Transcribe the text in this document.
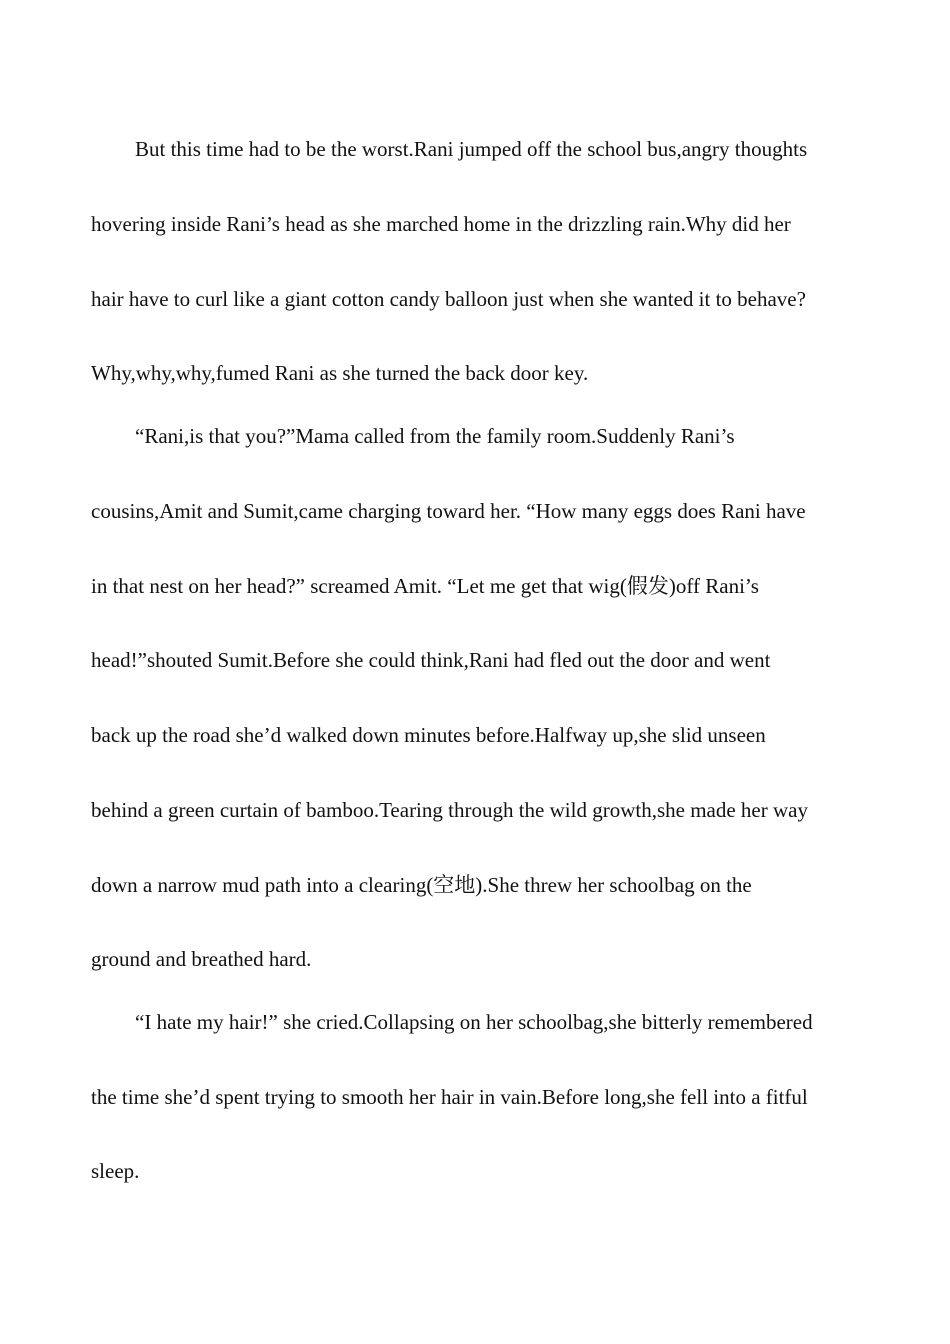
But this time had to be the worst.Rani jumped off the school bus,angry thoughts
hovering inside Rani’s head as she marched home in the drizzling rain.Why did her
hair have to curl like a giant cotton candy balloon just when she wanted it to behave?
Why,why,why,fumed Rani as she turned the back door key.
“Rani,is that you?”Mama called from the family room.Suddenly Rani’s
cousins,Amit and Sumit,came charging toward her. “How many eggs does Rani have
in that nest on her head?” screamed Amit. “Let me get that wig(假发)off Rani’s
head!”shouted Sumit.Before she could think,Rani had fled out the door and went
back up the road she’d walked down minutes before.Halfway up,she slid unseen
behind a green curtain of bamboo.Tearing through the wild growth,she made her way
down a narrow mud path into a clearing(空地).She threw her schoolbag on the
ground and breathed hard.
“I hate my hair!” she cried.Collapsing on her schoolbag,she bitterly remembered
the time she’d spent trying to smooth her hair in vain.Before long,she fell into a fitful
sleep.
